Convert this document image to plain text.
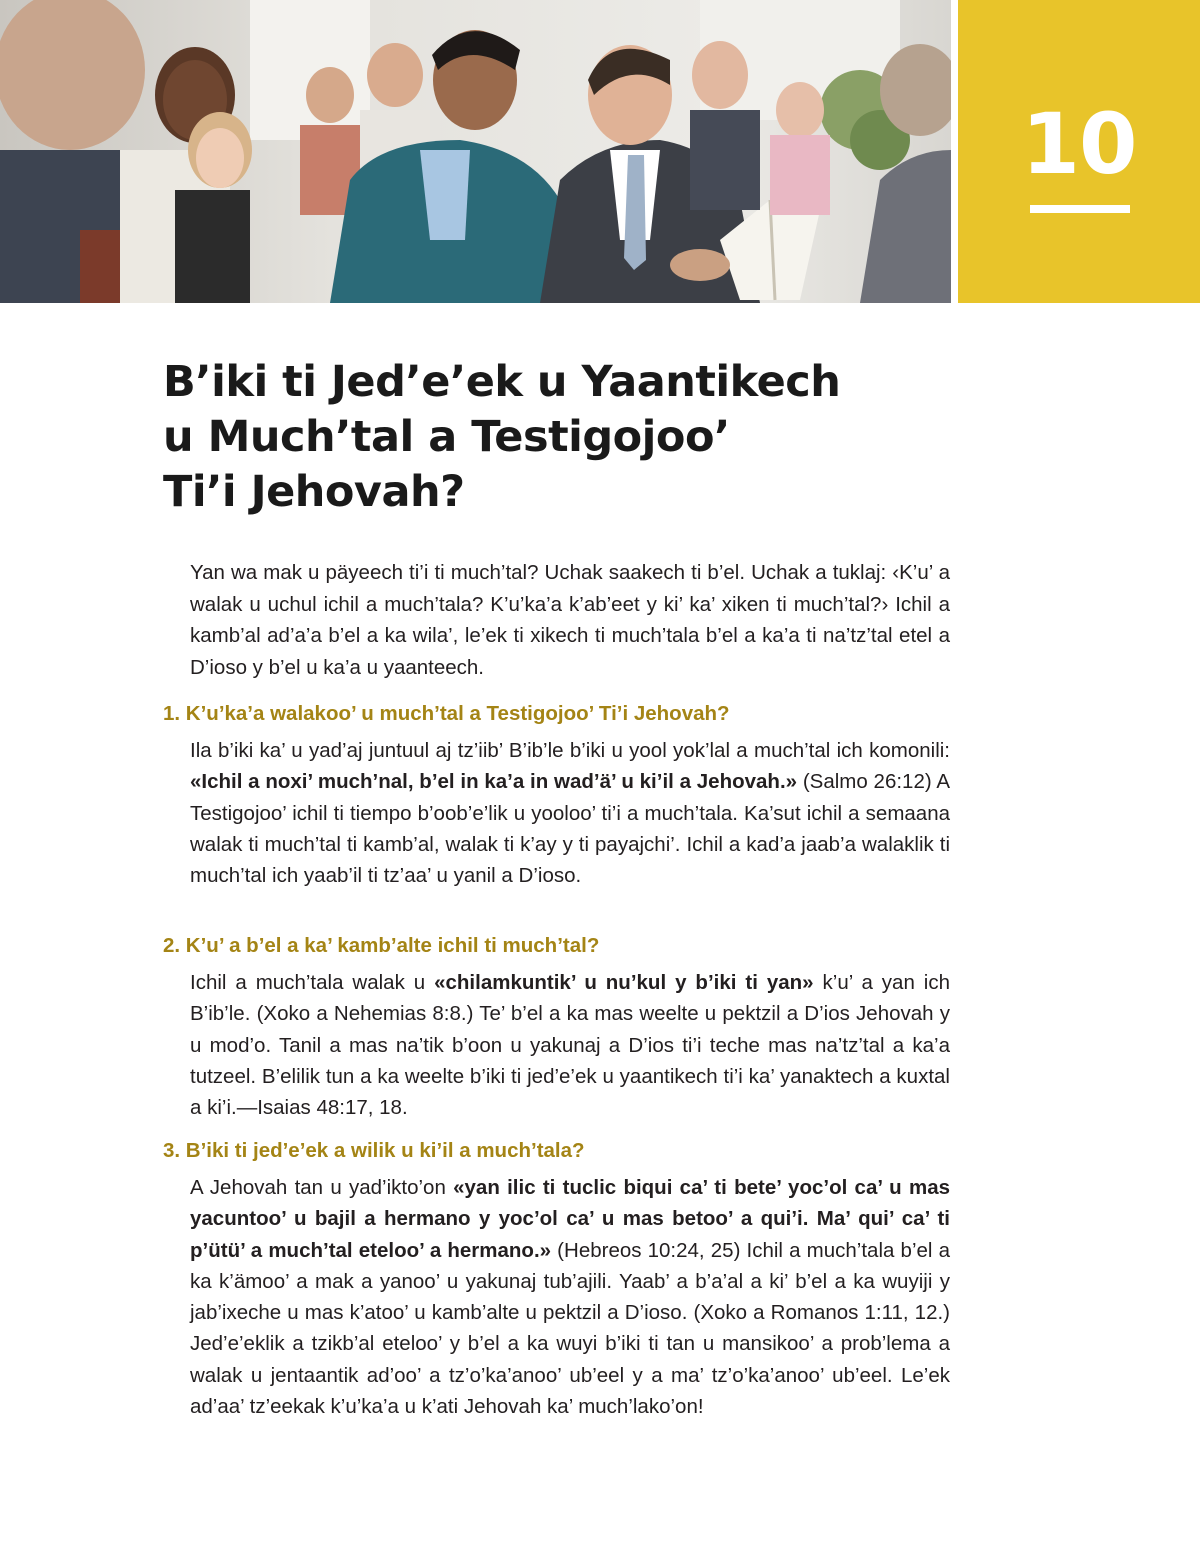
10
B’iki ti Jed’e’ek u Yaantikech
u Much’tal a Testigojoo’
Ti’i Jehovah?

Yan wa mak u päyeech ti’i ti much’tal? Uchak saakech ti b’el. Uchak a tuklaj: ‹K’u’ a walak u uchul ichil a much’tala? K’u’ka’a k’ab’eet y ki’ ka’ xiken ti much’tal?› Ichil a kamb’al ad’a’a b’el a ka wila’, le’ek ti xikech ti much’tala b’el a ka’a ti na’tz’tal etel a D’ioso y b’el u ka’a u yaanteech.

1. K’u’ka’a walakoo’ u much’tal a Testigojoo’ Ti’i Jehovah?

Ila b’iki ka’ u yad’aj juntuul aj tz’iib’ B’ib’le b’iki u yool yok’lal a much’tal ich komonili: «Ichil a noxi’ much’nal, b’el in ka’a in wad’ä’ u ki’il a Jehovah.» (Salmo 26:12) A Testigojoo’ ichil ti tiempo b’oob’e’lik u yooloo’ ti’i a much’tala. Ka’sut ichil a semaana walak ti much’tal ti kamb’al, walak ti k’ay y ti payajchi’. Ichil a kad’a jaab’a walaklik ti much’tal ich yaab’il ti tz’aa’ u yanil a D’ioso.

2. K’u’ a b’el a ka’ kamb’alte ichil ti much’tal?

Ichil a much’tala walak u «chilamkuntik’ u nu’kul y b’iki ti yan» k’u’ a yan ich B’ib’le. (Xoko a Nehemias 8:8.) Te’ b’el a ka mas weelte u pektzil a D’ios Jehovah y u mod’o. Tanil a mas na’tik b’oon u yakunaj a D’ios ti’i teche mas na’tz’tal a ka’a tutzeel. B’elilik tun a ka weelte b’iki ti jed’e’ek u yaantikech ti’i ka’ yanaktech a kuxtal a ki’i.—Isaias 48:17, 18.

3. B’iki ti jed’e’ek a wilik u ki’il a much’tala?

A Jehovah tan u yad’ikto’on «yan ilic ti tuclic biqui ca’ ti bete’ yoc’ol ca’ u mas yacuntoo’ u bajil a hermano y yoc’ol ca’ u mas betoo’ a qui’i. Ma’ qui’ ca’ ti p’ütü’ a much’tal eteloo’ a hermano.» (Hebreos 10:24, 25) Ichil a much’tala b’el a ka k’ämoo’ a mak a yanoo’ u yakunaj tub’ajili. Yaab’ a b’a’al a ki’ b’el a ka wuyiji y jab’ixeche u mas k’atoo’ u kamb’alte u pektzil a D’ioso. (Xoko a Romanos 1:11, 12.) Jed’e’eklik a tzikb’al eteloo’ y b’el a ka wuyi b’iki ti tan u mansikoo’ a prob’lema a walak u jentaantik ad’oo’ a tz’o’ka’anoo’ ub’eel y a ma’ tz’o’ka’anoo’ ub’eel. Le’ek ad’aa’ tz’eekak k’u’ka’a u k’ati Jehovah ka’ much’lako’on!
